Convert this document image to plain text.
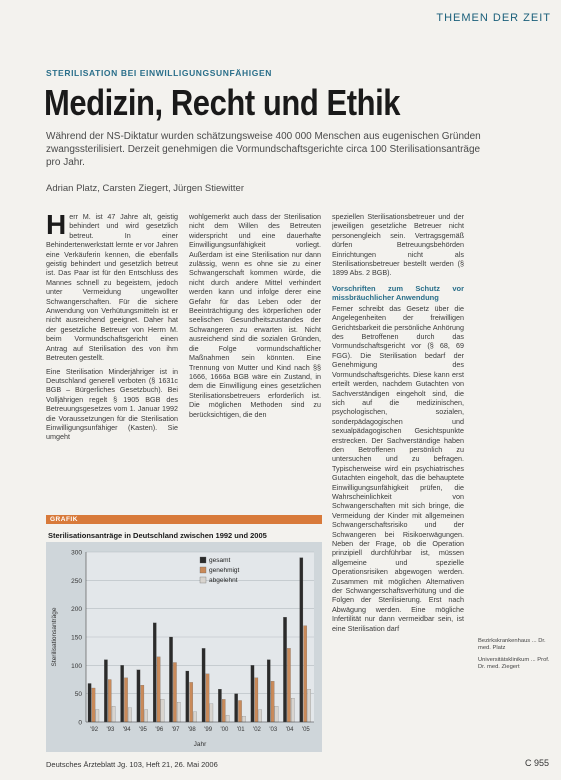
THEMEN DER ZEIT
STERILISATION BEI EINWILLIGUNGSUNFÄHIGEN
Medizin, Recht und Ethik
Während der NS-Diktatur wurden schätzungsweise 400 000 Menschen aus eugenischen Gründen zwangssterilisiert. Derzeit genehmigen die Vormundschaftsgerichte circa 100 Sterilisationsanträge pro Jahr.
Adrian Platz, Carsten Ziegert, Jürgen Stiewitter
H err M. ist 47 Jahre alt, geistig behindert und wird gesetzlich betreut. In einer Behindertenwerkstatt lernte er vor Jahren eine Verkäuferin kennen, die ebenfalls geistig behindert und gesetzlich betreut ist. Das Paar ist für den Entschluss des Mannes schnell zu begeistern, jedoch unter Vermeidung ungewollter Schwangerschaften. Für die sichere Anwendung von Verhütungsmitteln ist er nicht ausreichend geeignet. Daher hat der gesetzliche Betreuer von Herrn M. beim Vormundschaftsgericht einen Antrag auf Sterilisation des von ihm Betreuten gestellt.
Eine Sterilisation Minderjähriger ist in Deutschland generell verboten (§ 1631c BGB – Bürgerliches Gesetzbuch). Bei Volljährigen regelt § 1905 BGB des Betreuungsgesetzes vom 1. Januar 1992 die Voraussetzungen für die Sterilisation Einwilligungsunfähiger (Kasten). Sie umgeht
wohlgemerkt auch dass der Sterilisation nicht dem Willen des Betreuten widerspricht und eine dauerhafte Einwilligungsunfähigkeit vorliegt. Außerdam ist eine Sterilisation nur dann zulässig, wenn es ohne sie zu einer Schwangerschaft kommen würde, die nicht durch andere Mittel verhindert werden kann und infolge derer eine Gefahr für das Leben oder der Beeinträchtigung des körperlichen oder seelischen Gesundheitszustandes der Schwangeren zu erwarten ist. Nicht ausreichend sind die sozialen Gründen, die Folge vormundschaftlicher Maßnahmen sein könnten. Eine Trennung von Mutter und Kind nach §§ 1666, 1666a BGB wäre ein Zustand, in dem die Einwilligung eines gesetzlichen Sterilisationsbetreuers erforderlich ist. Die möglichen Methoden sind zu berücksichtigen, die den
speziellen Sterilisationsbetreuer und der jeweiligen gesetzliche Betreuer nicht personengleich sein. Vertragsgemäß dürfen Betreuungsbehörden Einrichtungen nicht als Sterilisationsbetreuer bestellt werden (§ 1899 Abs. 2 BGB).
Vorschriften zum Schutz vor missbräuchlicher Anwendung
Ferner schreibt das Gesetz über die Angelegenheiten der freiwilligen Gerichtsbarkeit die persönliche Anhörung des Betroffenen durch das Vormundschaftsgericht vor (§ 68, 69 FGG). Die Sterilisation bedarf der Genehmigung des Vormundschaftsgerichts. Diese kann erst erteilt werden, nachdem Gutachten von Sachverständigen eingeholt sind, die sich auf die medizinischen, psychologischen, sozialen, sonderpädagogischen und sexualpädagogischen Gesichtspunkte erstrecken. Der Sachverständige haben den Betroffenen persönlich zu untersuchen und zu befragen. Typischerweise wird ein psychiatrisches Gutachten eingeholt, das die behauptete Einwilligungsunfähigkeit prüfen, die Wahrscheinlichkeit von Schwangerschaften mit sich bringe, die Vermeidung der Kinder mit allgemeinen Schwangerschaftsrisiko und der Schwangeren bei Risikoerwägungen. Neben der Frage, ob die Operation prinzipiell durchführbar ist, müssen allgemeine und spezielle Operationsrisiken abgewogen werden. Zusammen mit möglichen Alternativen der Schwangerschaftsverhütung und die Folgen der Sterilisierung. Erst nach Abwägung werden. Eine mögliche Infertilität nur dann vermeidbar sein, ist eine Sterilisation darf
GRAFIK
Sterilisationsanträge in Deutschland zwischen 1992 und 2005
0
50
100
150
200
250
300
'92 '93 '94 '95 '96 '97 '98 '99 '00 '01 '02 '03 '04 '05
Jahr
Sterilisationsanträge
gesamt
genehmigt
abgelehnt

Bezirkskrankenhaus ... Dr. med. Platz

Universitätsklinikum ... Prof. Dr. med. Ziegert

Deutsches Ärzteblatt Jg. 103, Heft 21, 26. Mai 2006	C 955
